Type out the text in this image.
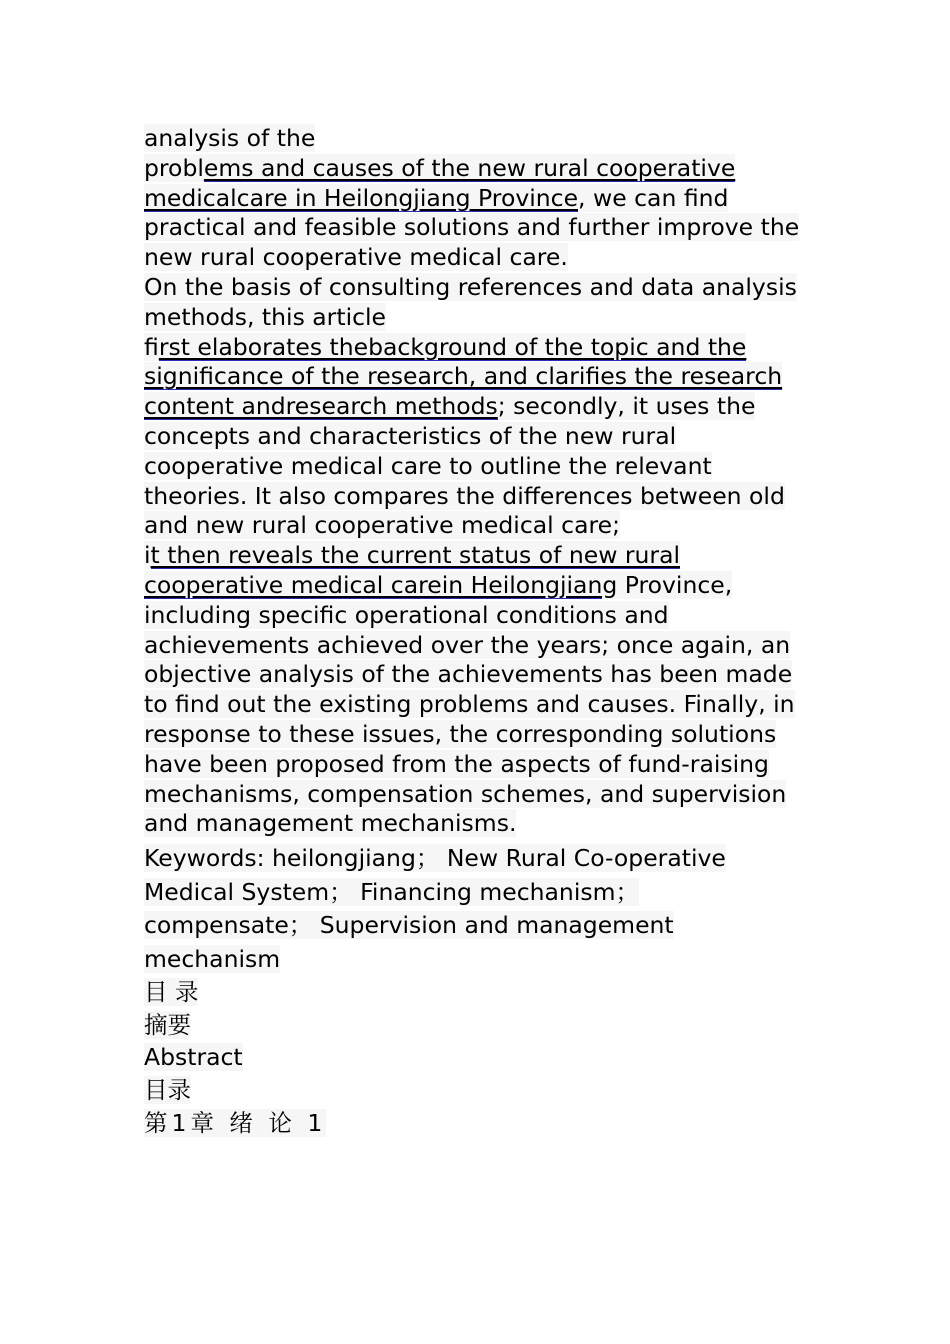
analysis of the
problems and causes of the new rural cooperative medicalcare in Heilongjiang Province, we can find practical and feasible solutions and further improve the new rural cooperative medical care.
On the basis of consulting references and data analysis methods, this article
first elaborates thebackground of the topic and the significance of the research, and clarifies the research content andresearch methods; secondly, it uses the concepts and characteristics of the new rural cooperative medical care to outline the relevant theories. It also compares the differences between old and new rural cooperative medical care;
it then reveals the current status of new rural cooperative medical carein Heilongjiang Province, including specific operational conditions and achievements achieved over the years; once again, an objective analysis of the achievements has been made to find out the existing problems and causes. Finally, in response to these issues, the corresponding solutions have been proposed from the aspects of fund-raising mechanisms, compensation schemes, and supervision and management mechanisms.
Keywords: heilongjiang； New Rural Co-operative Medical System； Financing mechanism； compensate； Supervision and management mechanism
目 录
摘要
Abstract
目录
第1章 绪 论 1
